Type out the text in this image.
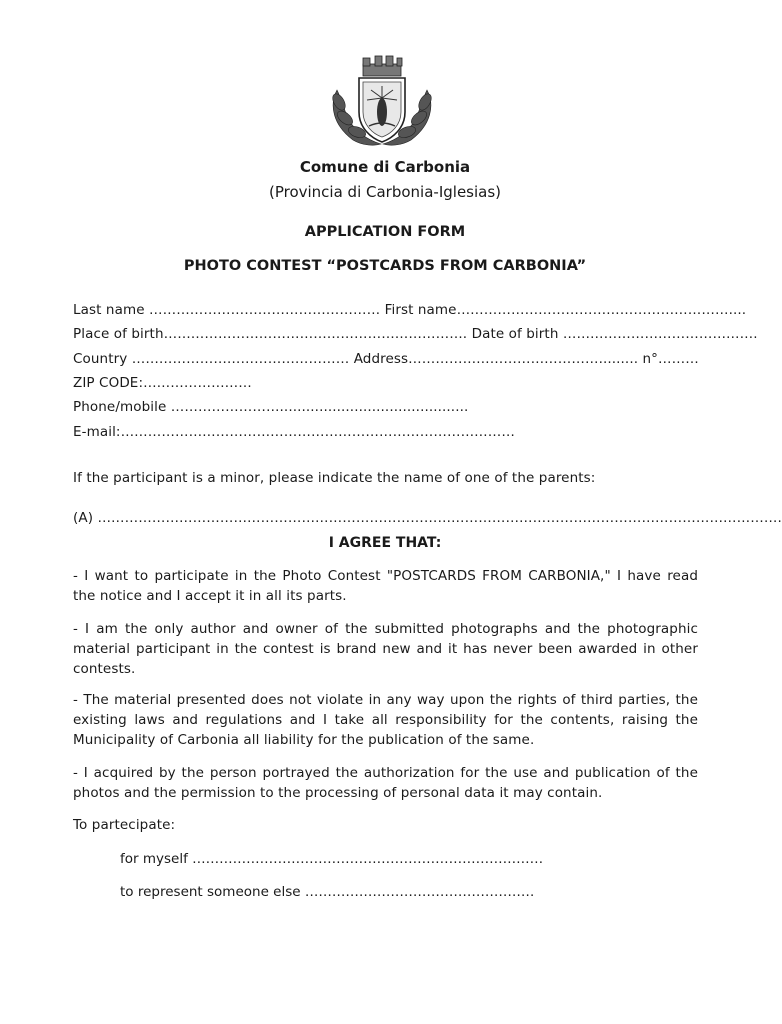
Comune di Carbonia
(Provincia di Carbonia-Iglesias)
APPLICATION FORM
PHOTO CONTEST “POSTCARDS FROM CARBONIA”
Last name …………………………………………… First name……………………………………………………....
Place of birth…………………………………………………………. Date of birth …………………………………….
Country ………………………………………… Address……………………………………......... n°………
ZIP CODE:……………………
Phone/mobile ……………………...........................................
E-mail:……………………………………………………………………………
If the participant is a minor, please indicate the name of one of the parents:
(A) …………………………………………………………………………………………………………………………………….
I AGREE THAT:
- I want to participate in the Photo Contest "POSTCARDS FROM CARBONIA," I have read the notice and I accept it in all its parts.
- I am the only author and owner of the submitted photographs and the photographic material participant in the contest is brand new and it has never been awarded in other contests.
- The material presented does not violate in any way upon the rights of third parties, the existing laws and regulations and I take all responsibility for the contents, raising the Municipality of Carbonia all liability for the publication of the same.
- I acquired by the person portrayed the authorization for the use and publication of the photos and the permission to the processing of personal data it may contain.
To partecipate:
for myself ……………………………………………………………………
to represent someone else ……………………………………………
